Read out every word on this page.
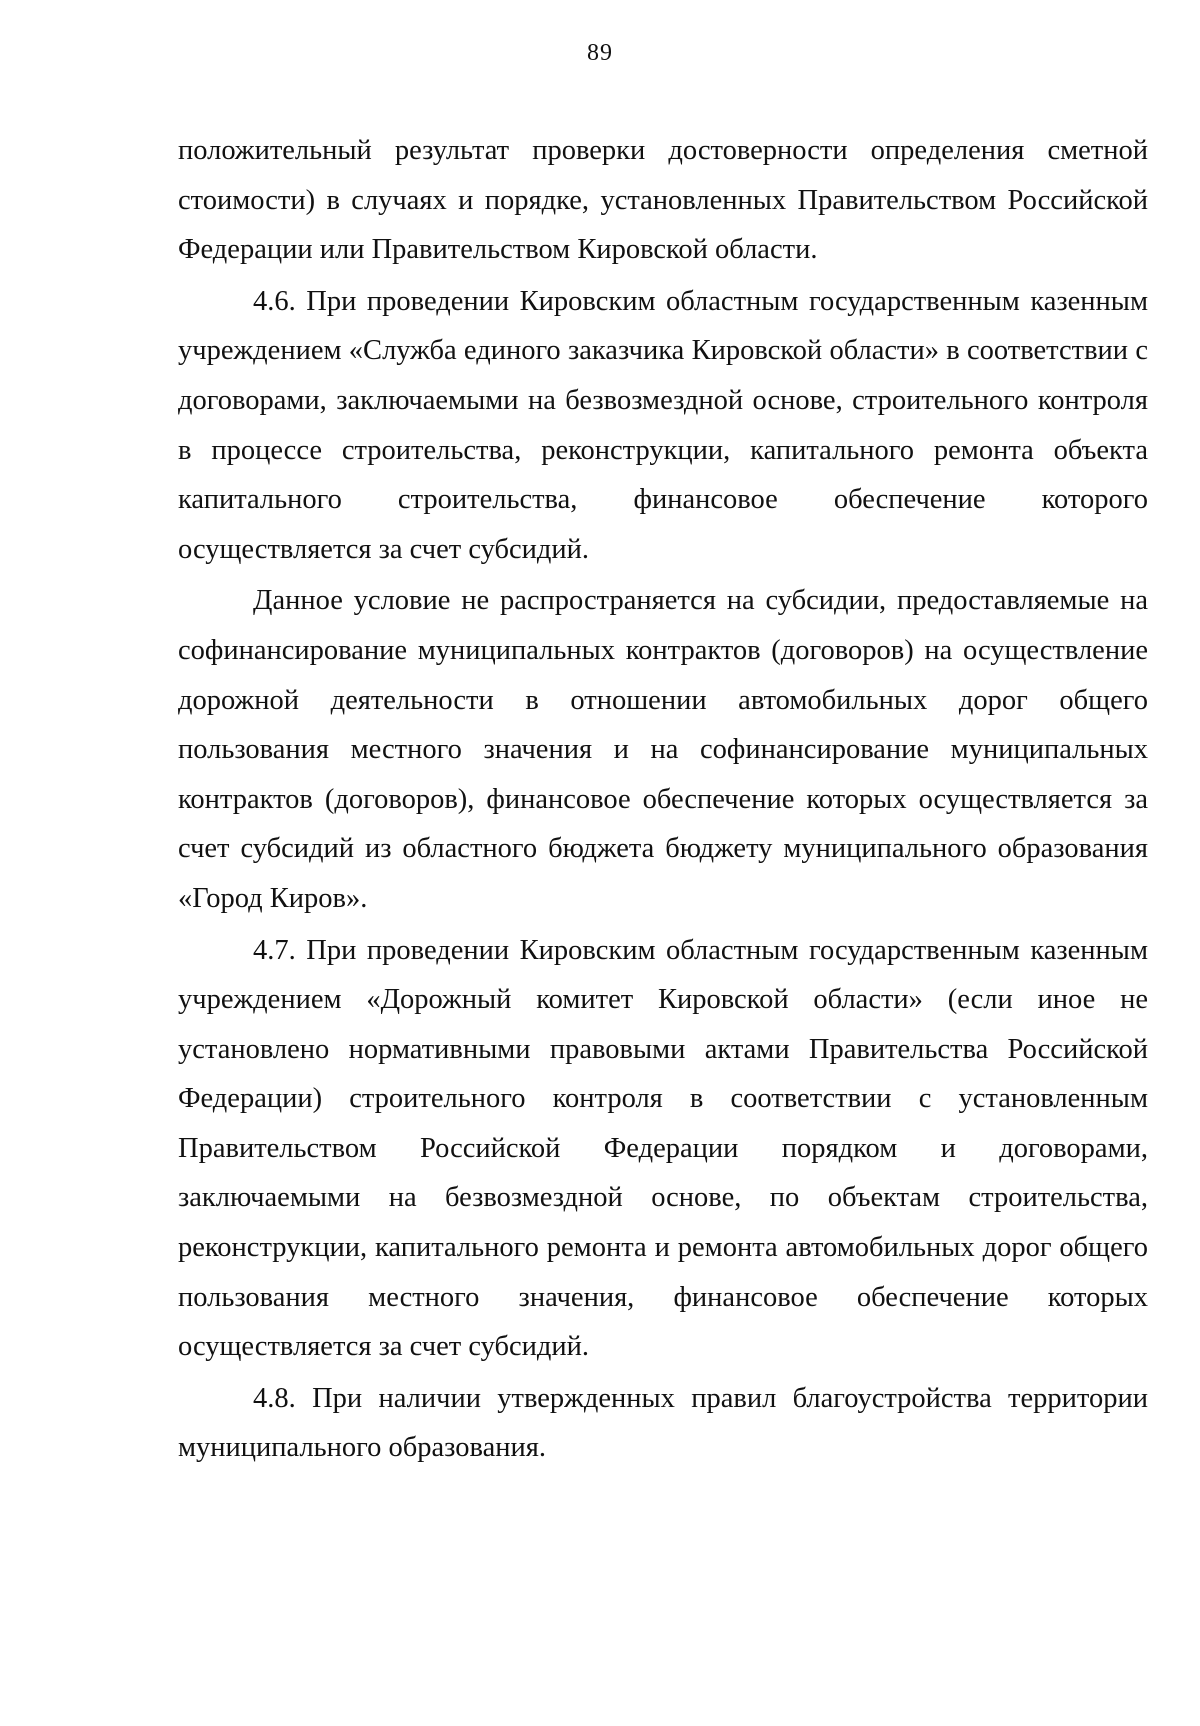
89

положительный результат проверки достоверности определения сметной стоимости) в случаях и порядке, установленных Правительством Российской Федерации или Правительством Кировской области.

4.6. При проведении Кировским областным государственным казенным учреждением «Служба единого заказчика Кировской области» в соответствии с договорами, заключаемыми на безвозмездной основе, строительного контроля в процессе строительства, реконструкции, капитального ремонта объекта капитального строительства, финансовое обеспечение которого осуществляется за счет субсидий.

Данное условие не распространяется на субсидии, предоставляемые на софинансирование муниципальных контрактов (договоров) на осуществление дорожной деятельности в отношении автомобильных дорог общего пользования местного значения и на софинансирование муниципальных контрактов (договоров), финансовое обеспечение которых осуществляется за счет субсидий из областного бюджета бюджету муниципального образования «Город Киров».

4.7. При проведении Кировским областным государственным казенным учреждением «Дорожный комитет Кировской области» (если иное не установлено нормативными правовыми актами Правительства Российской Федерации) строительного контроля в соответствии с установленным Правительством Российской Федерации порядком и договорами, заключаемыми на безвозмездной основе, по объектам строительства, реконструкции, капитального ремонта и ремонта автомобильных дорог общего пользования местного значения, финансовое обеспечение которых осуществляется за счет субсидий.

4.8. При наличии утвержденных правил благоустройства территории муниципального образования.
